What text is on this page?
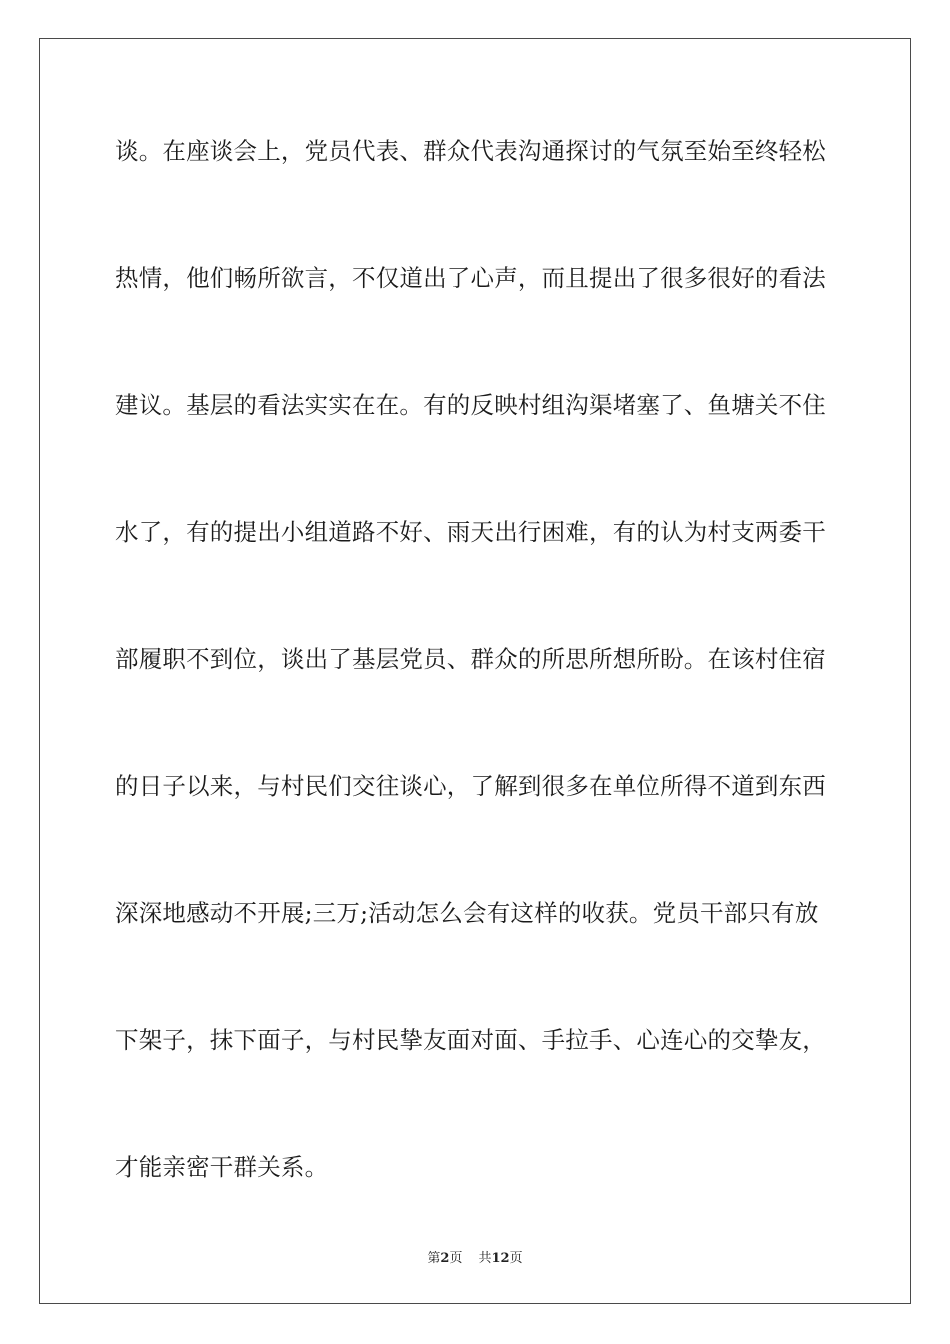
谈。在座谈会上，党员代表、群众代表沟通探讨的气氛至始至终轻松
热情，他们畅所欲言，不仅道出了心声，而且提出了很多很好的看法
建议。基层的看法实实在在。有的反映村组沟渠堵塞了、鱼塘关不住
水了，有的提出小组道路不好、雨天出行困难，有的认为村支两委干
部履职不到位，谈出了基层党员、群众的所思所想所盼。在该村住宿
的日子以来，与村民们交往谈心，了解到很多在单位所得不道到东西
深深地感动不开展;三万;活动怎么会有这样的收获。党员干部只有放
下架子，抹下面子，与村民挚友面对面、手拉手、心连心的交挚友，
才能亲密干群关系。
第2页 共12页
